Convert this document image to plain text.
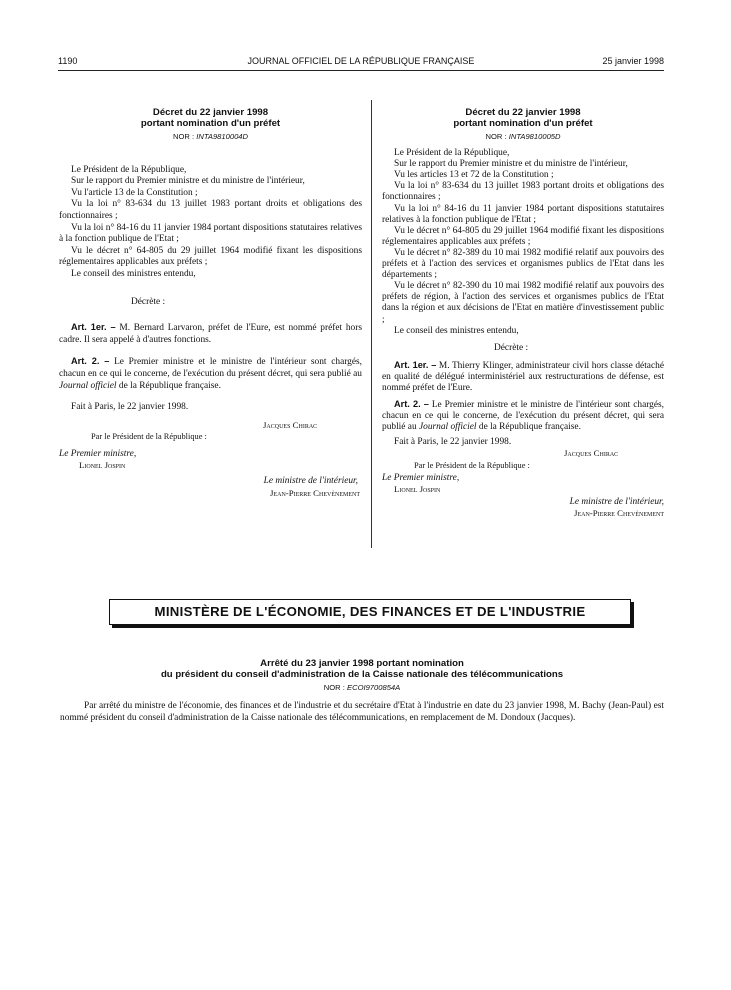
1190	JOURNAL OFFICIEL DE LA RÉPUBLIQUE FRANÇAISE	25 janvier 1998
Décret du 22 janvier 1998
portant nomination d'un préfet
NOR : INTA9810004D

Le Président de la République,

Sur le rapport du Premier ministre et du ministre de l'intérieur,

Vu l'article 13 de la Constitution ;

Vu la loi n° 83-634 du 13 juillet 1983 portant droits et obligations des fonctionnaires ;

Vu la loi n° 84-16 du 11 janvier 1984 portant dispositions statutaires relatives à la fonction publique de l'Etat ;

Vu le décret n° 64-805 du 29 juillet 1964 modifié fixant les dispositions réglementaires applicables aux préfets ;

Le conseil des ministres entendu,

Décrète :

Art. 1er. – M. Bernard Larvaron, préfet de l'Eure, est nommé préfet hors cadre. Il sera appelé à d'autres fonctions.

Art. 2. – Le Premier ministre et le ministre de l'intérieur sont chargés, chacun en ce qui le concerne, de l'exécution du présent décret, qui sera publié au Journal officiel de la République française.

Fait à Paris, le 22 janvier 1998.

Jacques Chirac

Par le Président de la République :

Le Premier ministre,

Lionel Jospin

Le ministre de l'intérieur,

Jean-Pierre Chevènement

Décret du 22 janvier 1998
portant nomination d'un préfet
NOR : INTA9810005D

Le Président de la République,

Sur le rapport du Premier ministre et du ministre de l'intérieur,

Vu les articles 13 et 72 de la Constitution ;

Vu la loi n° 83-634 du 13 juillet 1983 portant droits et obligations des fonctionnaires ;

Vu la loi n° 84-16 du 11 janvier 1984 portant dispositions statutaires relatives à la fonction publique de l'Etat ;

Vu le décret n° 64-805 du 29 juillet 1964 modifié fixant les dispositions réglementaires applicables aux préfets ;

Vu le décret n° 82-389 du 10 mai 1982 modifié relatif aux pouvoirs des préfets et à l'action des services et organismes publics de l'Etat dans les départements ;

Vu le décret n° 82-390 du 10 mai 1982 modifié relatif aux pouvoirs des préfets de région, à l'action des services et organismes publics de l'Etat dans la région et aux décisions de l'Etat en matière d'investissement public ;

Le conseil des ministres entendu,

Décrète :

Art. 1er. – M. Thierry Klinger, administrateur civil hors classe détaché en qualité de délégué interministériel aux restructurations de défense, est nommé préfet de l'Eure.

Art. 2. – Le Premier ministre et le ministre de l'intérieur sont chargés, chacun en ce qui le concerne, de l'exécution du présent décret, qui sera publié au Journal officiel de la République française.

Fait à Paris, le 22 janvier 1998.

Jacques Chirac

Par le Président de la République :

Le Premier ministre,

Lionel Jospin

Le ministre de l'intérieur,

Jean-Pierre Chevènement

MINISTÈRE DE L'ÉCONOMIE, DES FINANCES ET DE L'INDUSTRIE
Arrêté du 23 janvier 1998 portant nomination
du président du conseil d'administration de la Caisse nationale des télécommunications
NOR : ECOI9700854A

Par arrêté du ministre de l'économie, des finances et de l'industrie et du secrétaire d'Etat à l'industrie en date du 23 janvier 1998, M. Bachy (Jean-Paul) est nommé président du conseil d'administration de la Caisse nationale des télécommunications, en remplacement de M. Dondoux (Jacques).
